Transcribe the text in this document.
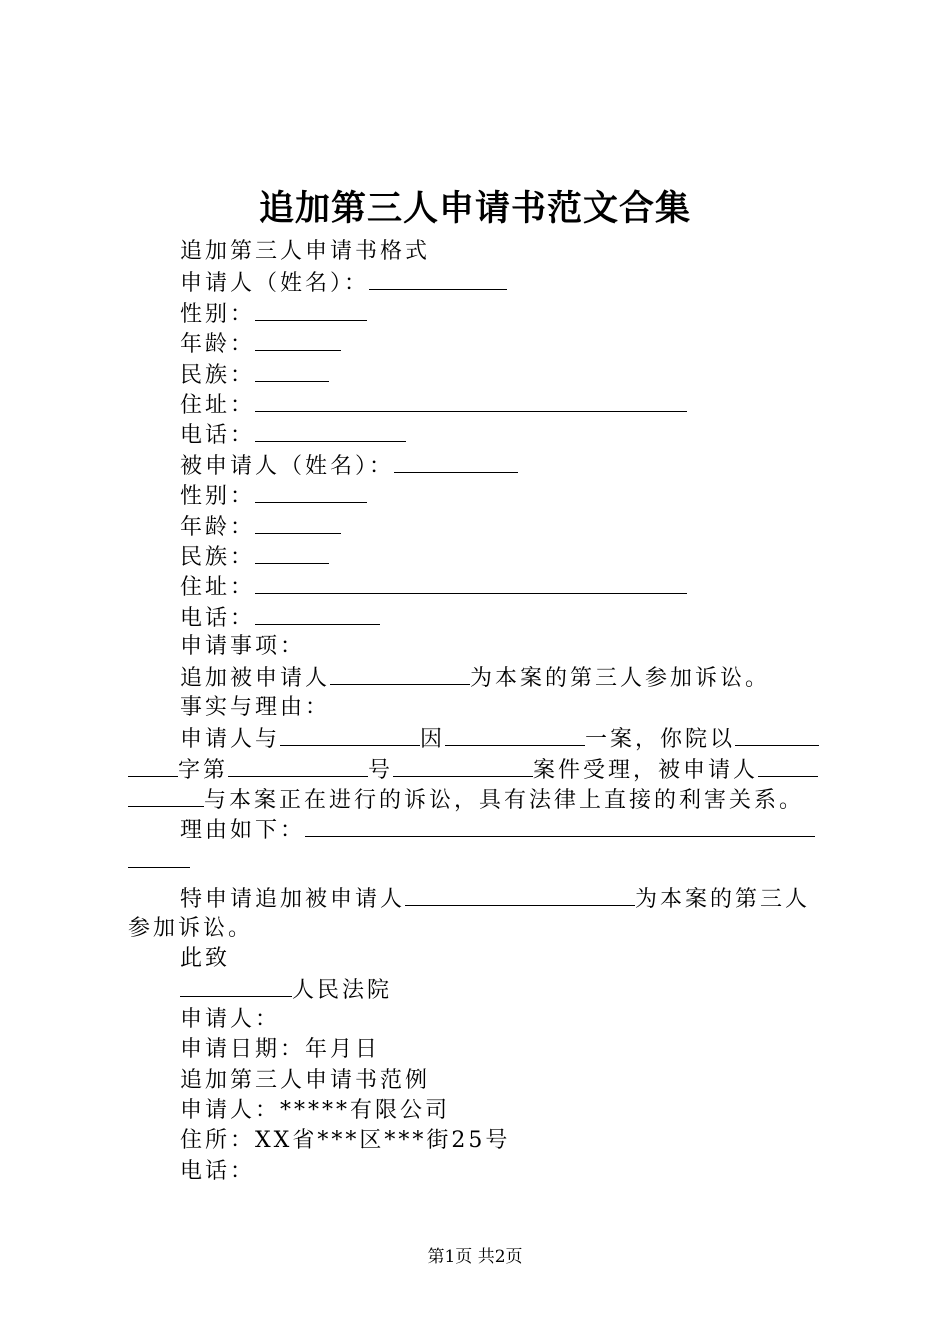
追加第三人申请书范文合集
追加第三人申请书格式
申请人（姓名）：
性别：
年龄：
民族：
住址：
电话：
被申请人（姓名）：
性别：
年龄：
民族：
住址：
电话：
申请事项：
追加被申请人	为本案的第三人参加诉讼。
事实与理由：
申请人与	因	一案，你院以
字第	号	案件受理，被申请人
与本案正在进行的诉讼，具有法律上直接的利害关系。
理由如下：
特申请追加被申请人	为本案的第三人
参加诉讼。
此致
人民法院
申请人：
申请日期：年月日
追加第三人申请书范例
申请人：*****有限公司
住所：XX省***区***街25号
电话：
第1页 共2页
